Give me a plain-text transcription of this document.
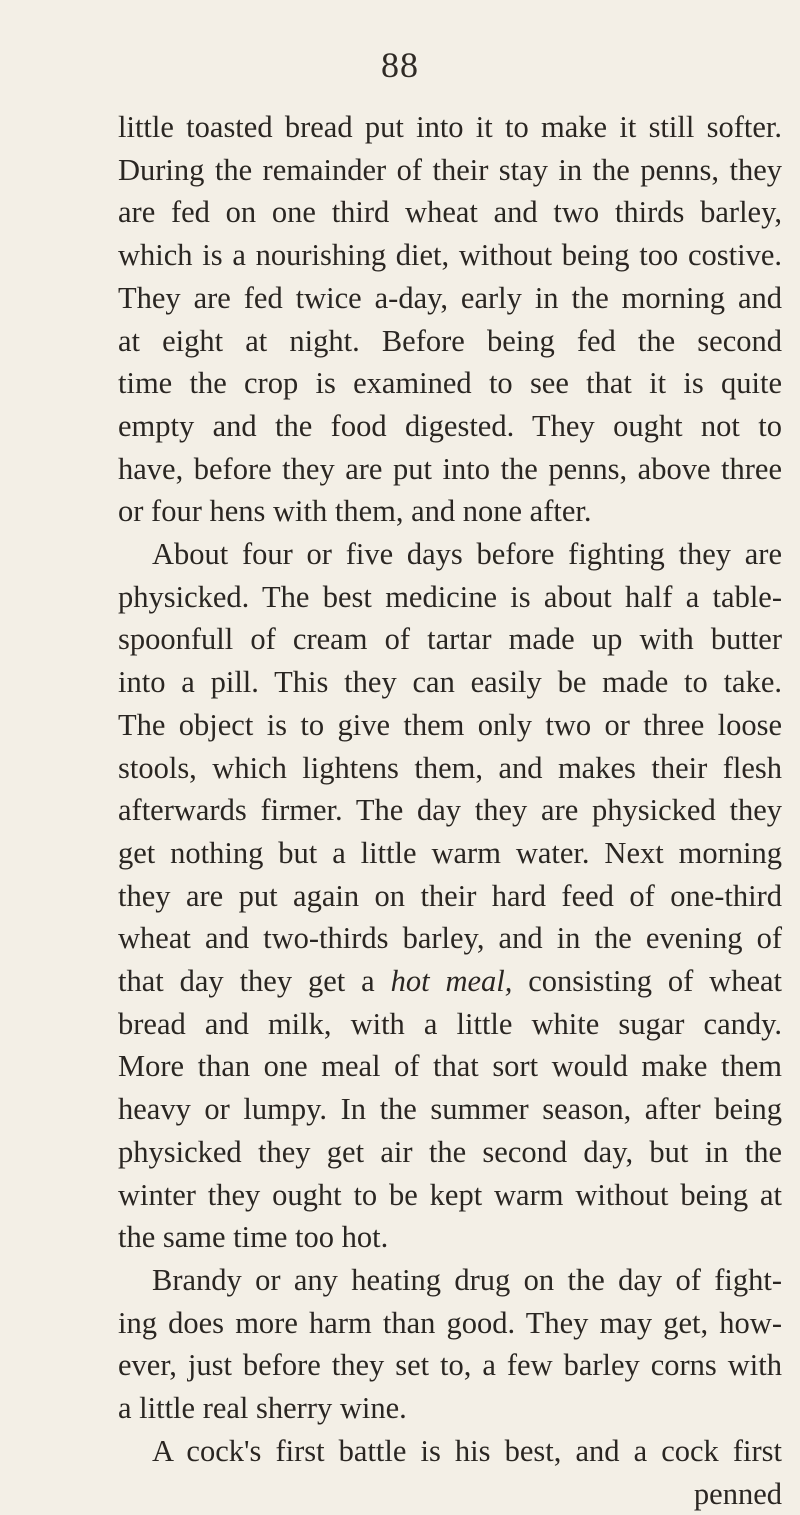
88

little toasted bread put into it to make it still softer.
During the remainder of their stay in the penns, they
are fed on one third wheat and two thirds barley,
which is a nourishing diet, without being too costive.
They are fed twice a-day, early in the morning and
at eight at night. Before being fed the second
time the crop is examined to see that it is quite
empty and the food digested. They ought not to
have, before they are put into the penns, above three
or four hens with them, and none after.

About four or five days before fighting they are
physicked. The best medicine is about half a table-
spoonfull of cream of tartar made up with butter
into a pill. This they can easily be made to take.
The object is to give them only two or three loose
stools, which lightens them, and makes their flesh
afterwards firmer. The day they are physicked they
get nothing but a little warm water. Next morning
they are put again on their hard feed of one-third
wheat and two-thirds barley, and in the evening of
that day they get a hot meal, consisting of wheat
bread and milk, with a little white sugar candy.
More than one meal of that sort would make them
heavy or lumpy. In the summer season, after being
physicked they get air the second day, but in the
winter they ought to be kept warm without being at
the same time too hot.

Brandy or any heating drug on the day of fight-
ing does more harm than good. They may get, how-
ever, just before they set to, a few barley corns with
a little real sherry wine.

A cock's first battle is his best, and a cock first
penned
